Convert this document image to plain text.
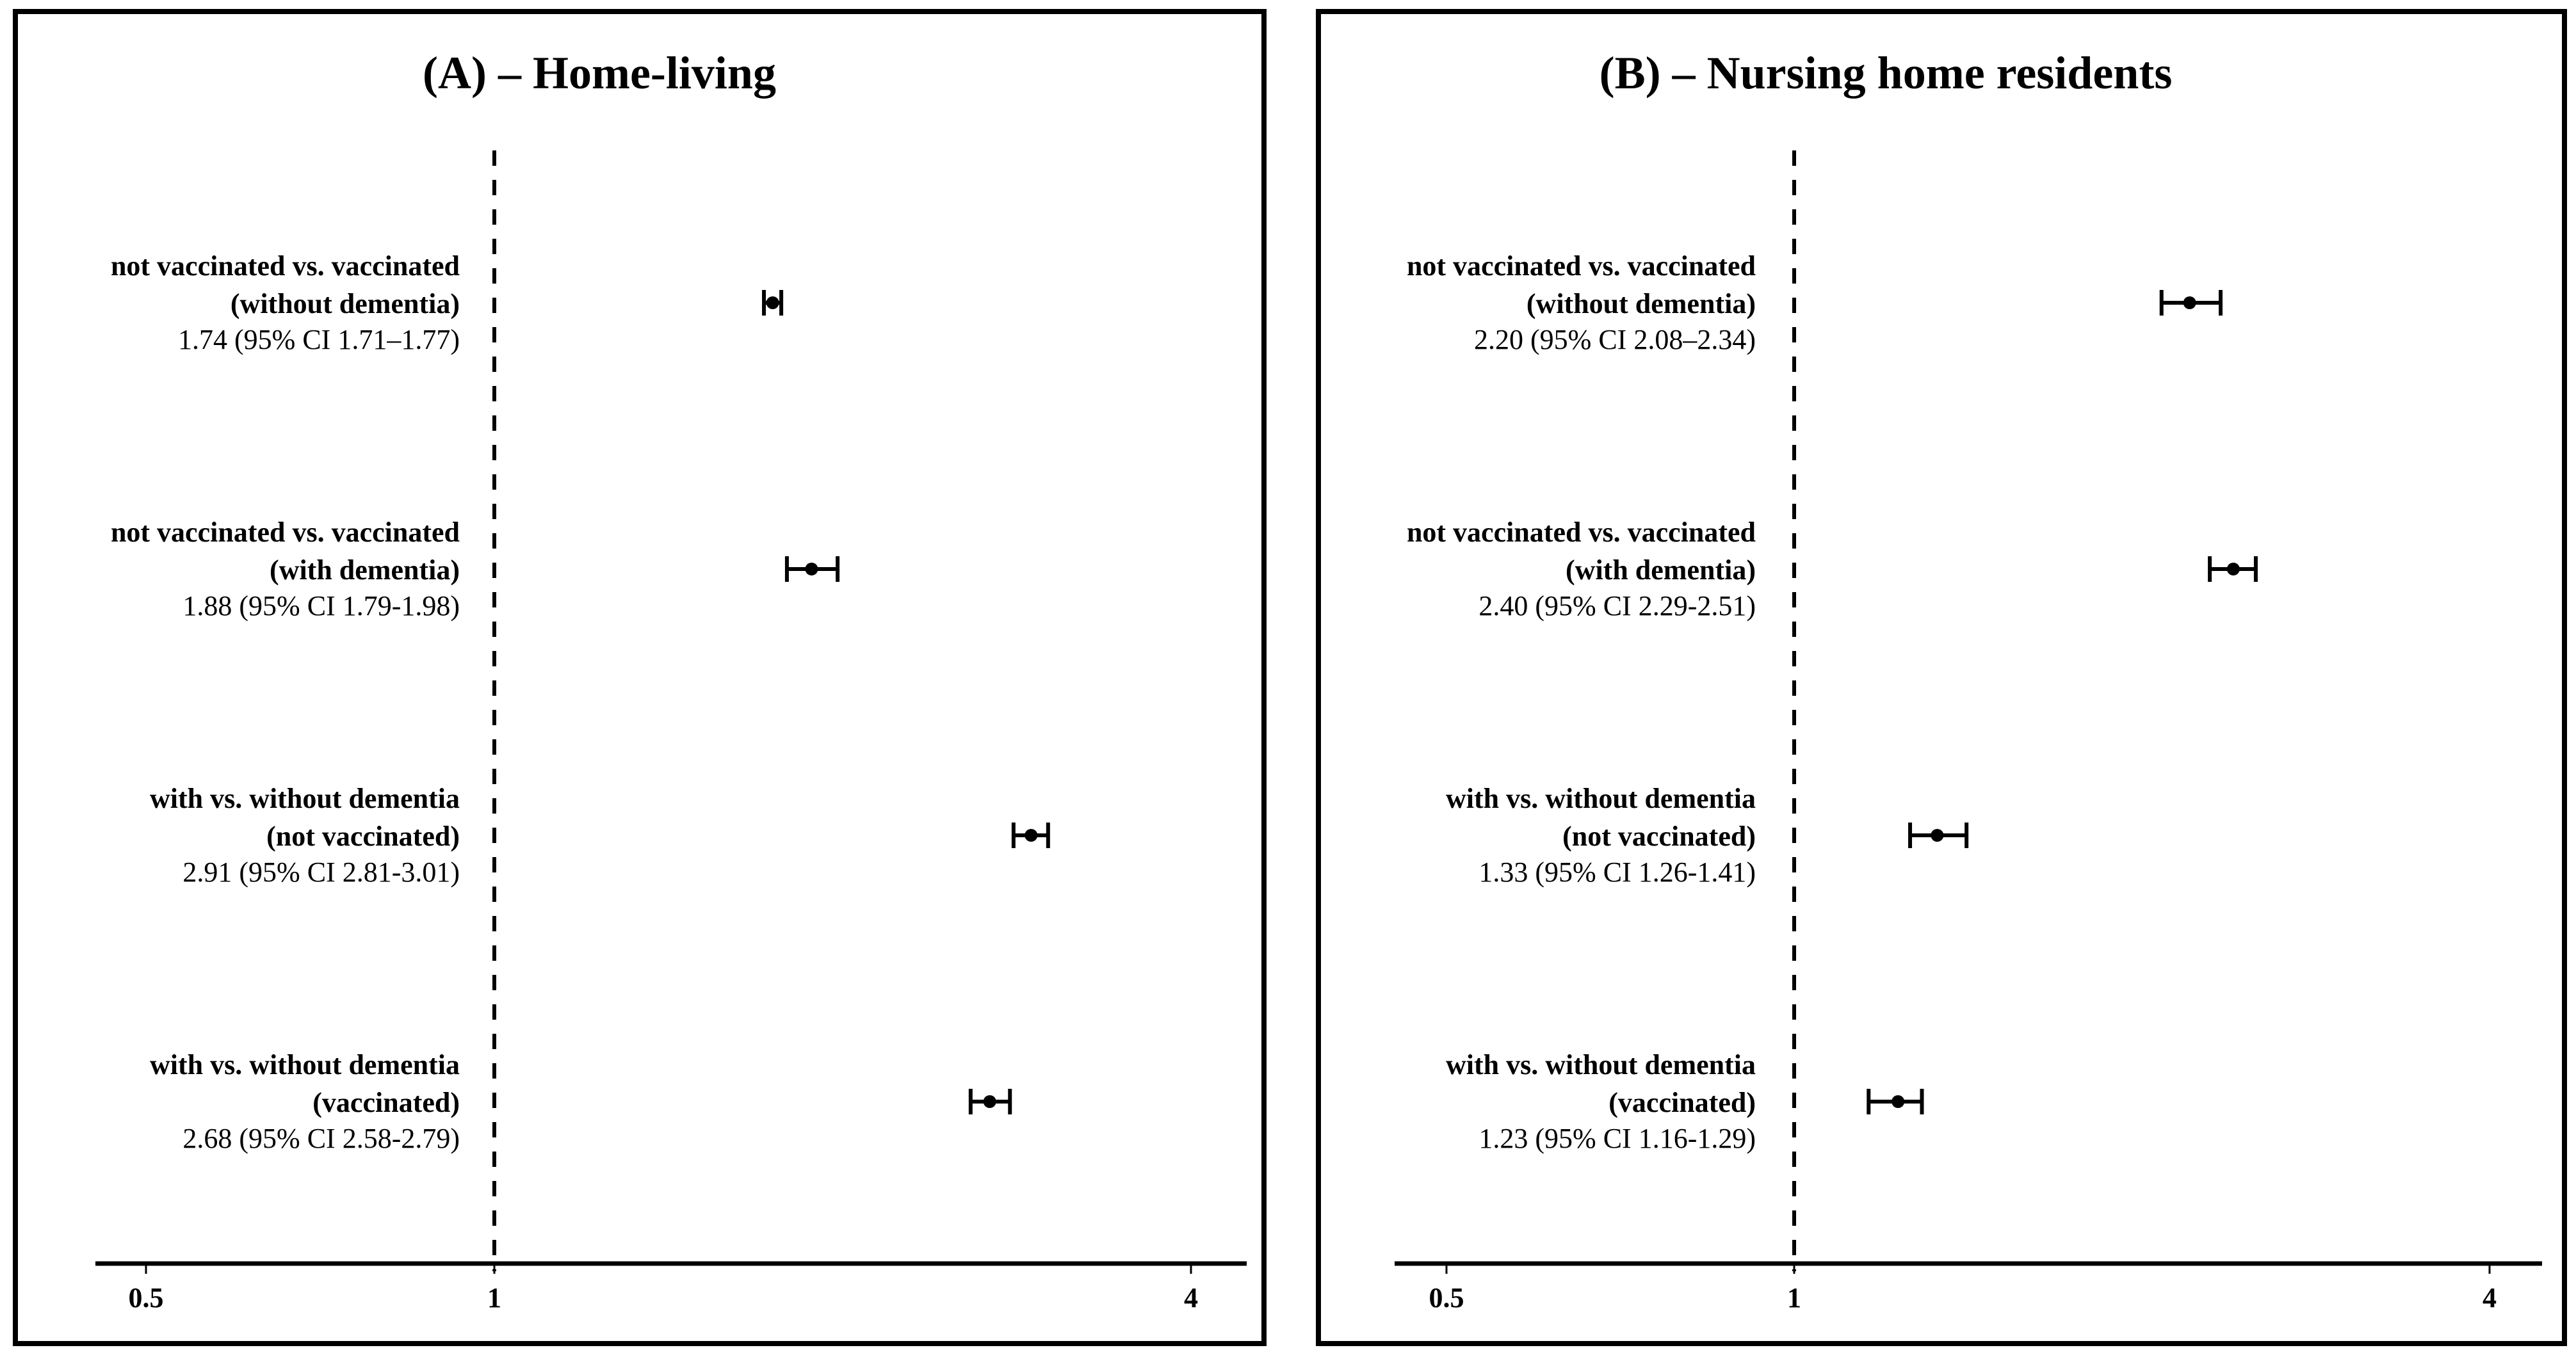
(A) – Home-living
not vaccinated vs. vaccinated
(without dementia)
1.74 (95% CI 1.71–1.77)
not vaccinated vs. vaccinated
(with dementia)
1.88 (95% CI 1.79-1.98)
with vs. without dementia
(not vaccinated)
2.91 (95% CI 2.81-3.01)
with vs. without dementia
(vaccinated)
2.68 (95% CI 2.58-2.79)
0.5	1	4
(B) – Nursing home residents
not vaccinated vs. vaccinated
(without dementia)
2.20 (95% CI 2.08–2.34)
not vaccinated vs. vaccinated
(with dementia)
2.40 (95% CI 2.29-2.51)
with vs. without dementia
(not vaccinated)
1.33 (95% CI 1.26-1.41)
with vs. without dementia
(vaccinated)
1.23 (95% CI 1.16-1.29)
0.5	1	4
